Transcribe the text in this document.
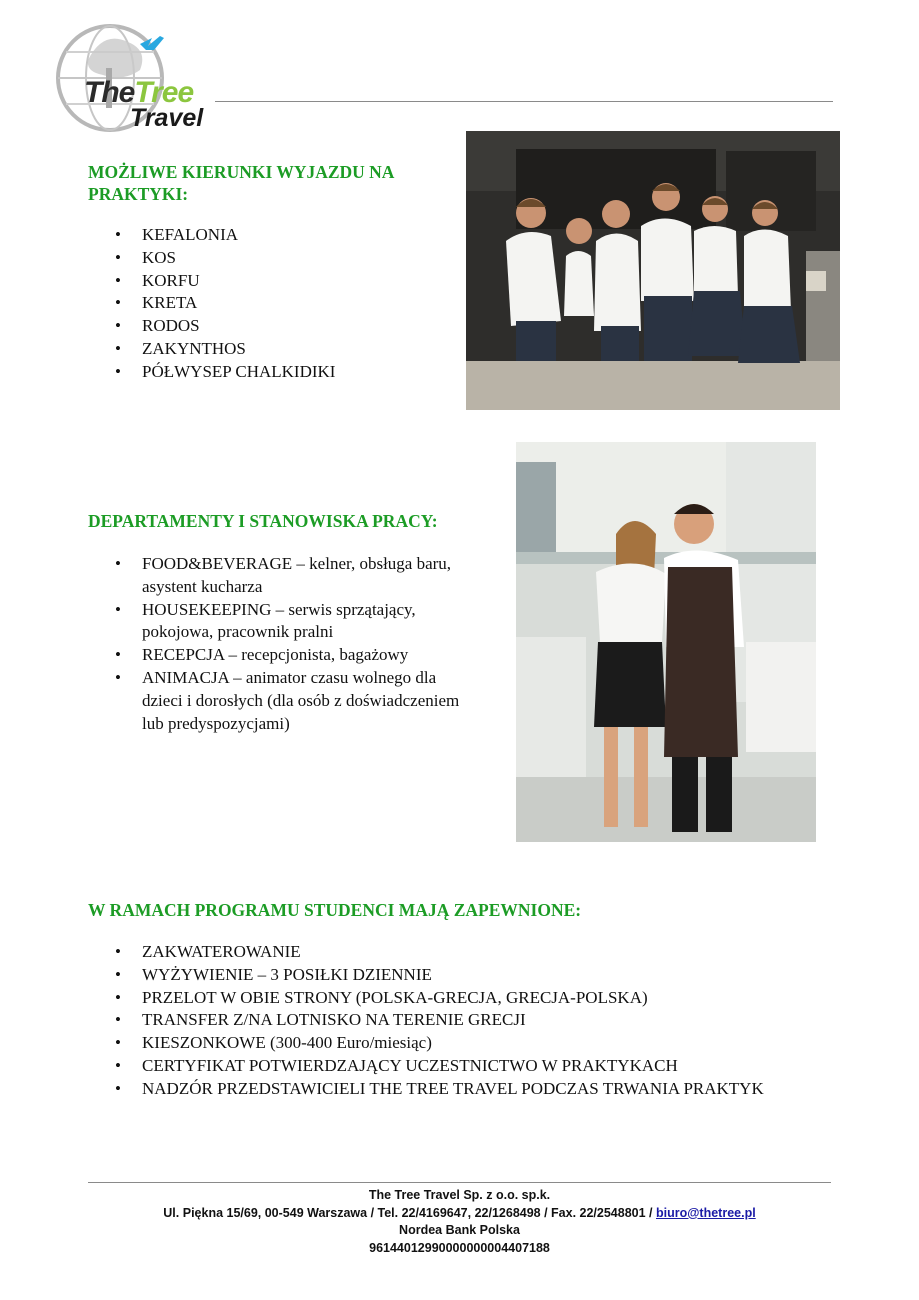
TheTree
Travel
MOŻLIWE KIERUNKI WYJAZDU NA
PRAKTYKI:
• KEFALONIA
• KOS
• KORFU
• KRETA
• RODOS
• ZAKYNTHOS
• PÓŁWYSEP CHALKIDIKI
DEPARTAMENTY I STANOWISKA PRACY:
• FOOD&BEVERAGE – kelner, obsługa baru,
asystent kucharza
• HOUSEKEEPING – serwis sprzątający,
pokojowa, pracownik pralni
• RECEPCJA – recepcjonista, bagażowy
• ANIMACJA – animator czasu wolnego dla
dzieci i dorosłych (dla osób z doświadczeniem
lub predyspozycjami)
W RAMACH PROGRAMU STUDENCI MAJĄ ZAPEWNIONE:
• ZAKWATEROWANIE
• WYŻYWIENIE – 3 POSIŁKI DZIENNIE
• PRZELOT W OBIE STRONY (POLSKA-GRECJA, GRECJA-POLSKA)
• TRANSFER Z/NA LOTNISKO NA TERENIE GRECJI
• KIESZONKOWE (300-400 Euro/miesiąc)
• CERTYFIKAT POTWIERDZAJĄCY UCZESTNICTWO W PRAKTYKACH
• NADZÓR PRZEDSTAWICIELI THE TREE TRAVEL PODCZAS TRWANIA PRAKTYK
The Tree Travel Sp. z o.o. sp.k.
Ul. Piękna 15/69, 00-549 Warszawa / Tel. 22/4169647, 22/1268498 / Fax. 22/2548801 / biuro@thetree.pl
Nordea Bank Polska
96144012990000000004407188
